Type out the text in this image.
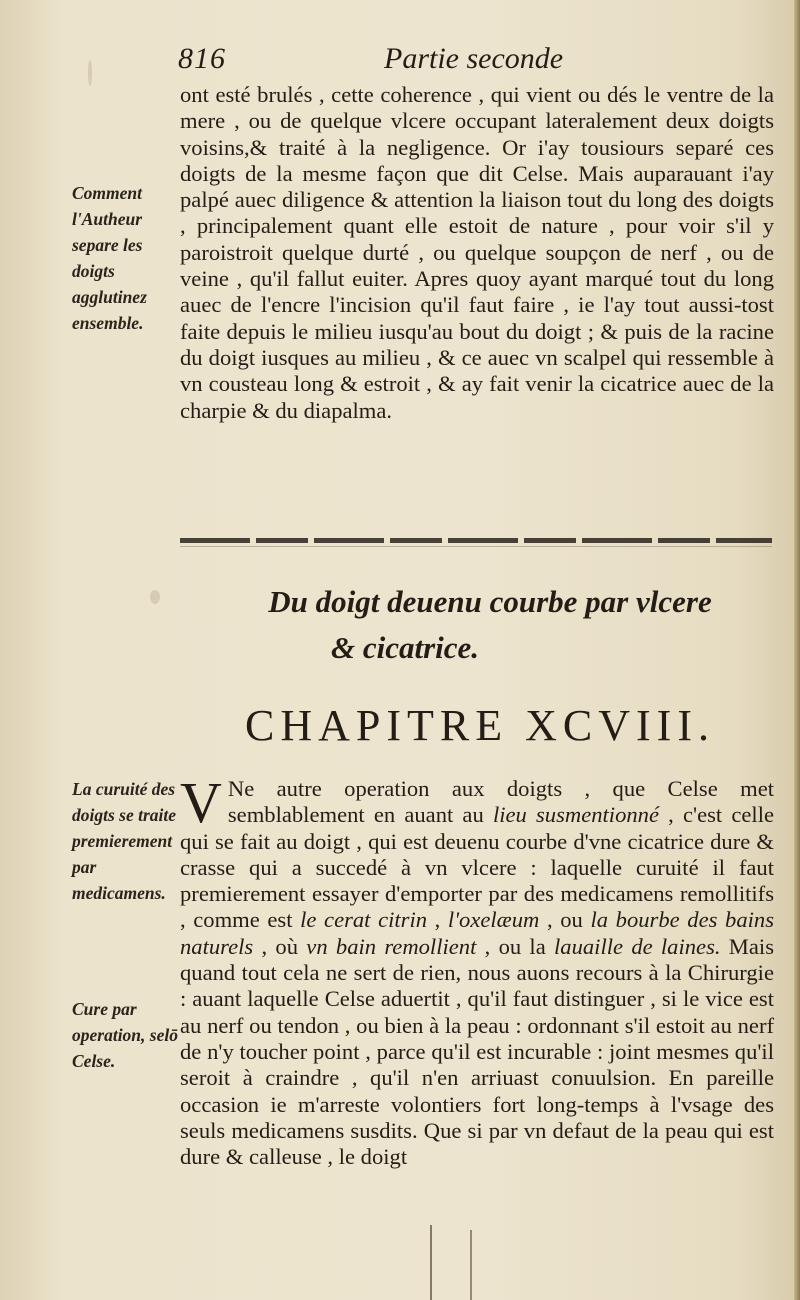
816	Partie seconde

ont esté brulés , cette coherence , qui vient ou dés le ventre de la mere , ou de quelque vlcere occupant lateralement deux doigts voisins,& traité à la negligence. Or i'ay tousiours separé ces doigts de la mesme façon que dit Celse. Mais auparauant i'ay palpé auec diligence & attention la liaison tout du long des doigts , principalement quant elle estoit de nature , pour voir s'il y paroistroit quelque durté , ou quelque soupçon de nerf , ou de veine , qu'il fallut euiter. Apres quoy ayant marqué tout du long auec de l'encre l'incision qu'il faut faire , ie l'ay tout aussi-tost faite depuis le milieu iusqu'au bout du doigt ; & puis de la racine du doigt iusques au milieu , & ce auec vn scalpel qui ressemble à vn cousteau long & estroit , & ay fait venir la cicatrice auec de la charpie & du diapalma.

Comment l'Autheur separe les doigts agglutinez ensemble.
Du doigt deuenu courbe par vlcere
& cicatrice.
CHAPITRE XCVIII.

V Ne autre operation aux doigts , que Celse met semblablement en auant au lieu susmentionné , c'est celle qui se fait au doigt , qui est deuenu courbe d'vne cicatrice dure & crasse qui a succedé à vn vlcere : laquelle curuité il faut premierement essayer d'emporter par des medicamens remollitifs , comme est le cerat citrin , l'oxelæum , ou la bourbe des bains naturels , où vn bain remollient , ou la lauaille de laines. Mais quand tout cela ne sert de rien, nous auons recours à la Chirurgie : auant laquelle Celse aduertit , qu'il faut distinguer , si le vice est au nerf ou tendon , ou bien à la peau : ordonnant s'il estoit au nerf de n'y toucher point , parce qu'il est incurable : joint mesmes qu'il seroit à craindre , qu'il n'en arriuast conuulsion. En pareille occasion ie m'arreste volontiers fort long-temps à l'vsage des seuls medicamens susdits. Que si par vn defaut de la peau qui est dure & calleuse , le doigt

La curuité des doigts se traite premierement par medicamens.
Cure par operation, selō Celse.
